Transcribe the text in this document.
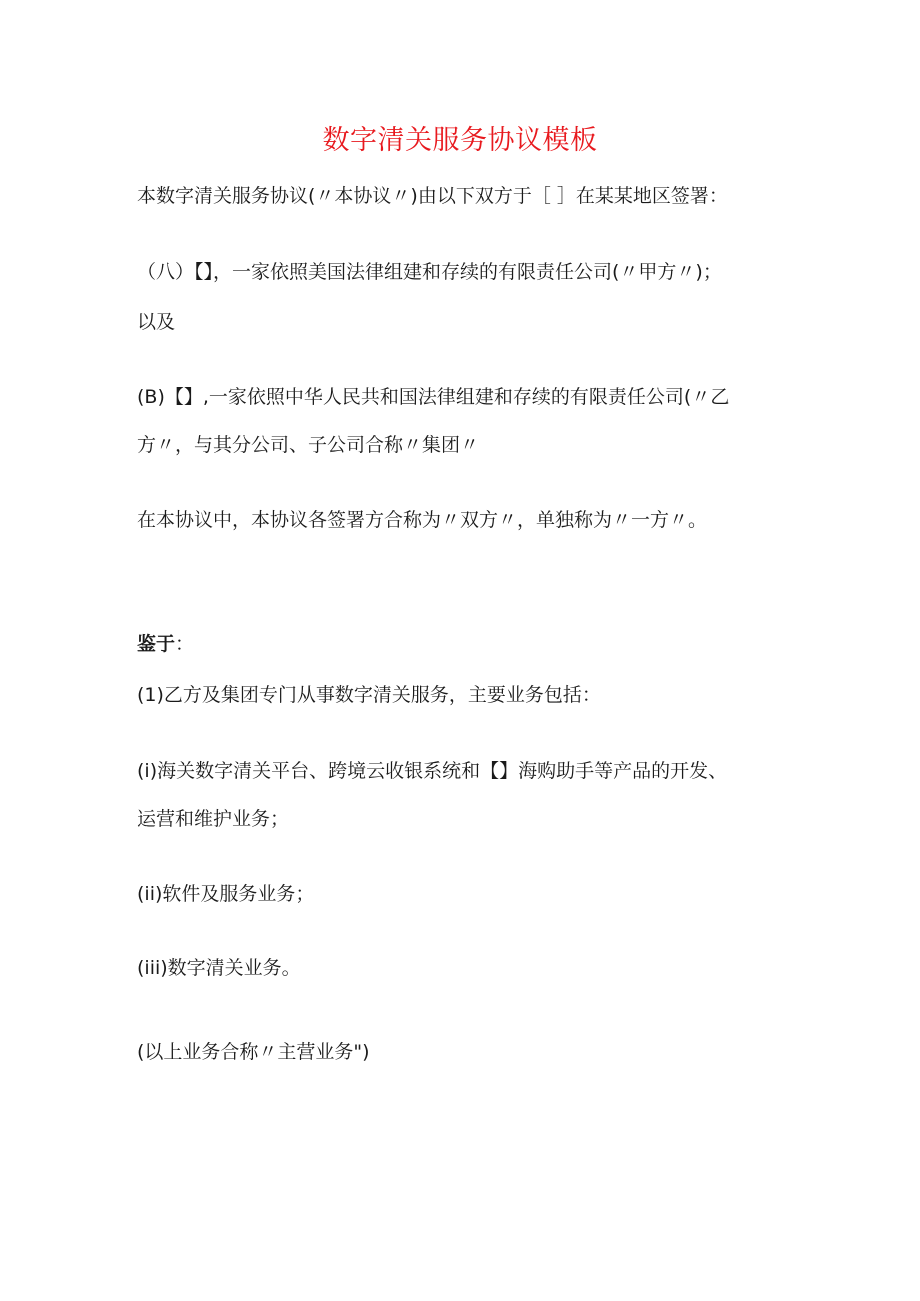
数字清关服务协议模板
本数字清关服务协议(〃本协议〃)由以下双方于［ ］在某某地区签署：
（八）【】，一家依照美国法律组建和存续的有限责任公司(〃甲方〃)；
以及
(B)【】,一家依照中华人民共和国法律组建和存续的有限责任公司(〃乙
方〃，与其分公司、子公司合称〃集团〃
在本协议中，本协议各签署方合称为〃双方〃，单独称为〃一方〃。
鉴于：
(1)乙方及集团专门从事数字清关服务，主要业务包括：
(i)海关数字清关平台、跨境云收银系统和【】海购助手等产品的开发、
运营和维护业务；
(ii)软件及服务业务；
(iii)数字清关业务。
(以上业务合称〃主营业务")
